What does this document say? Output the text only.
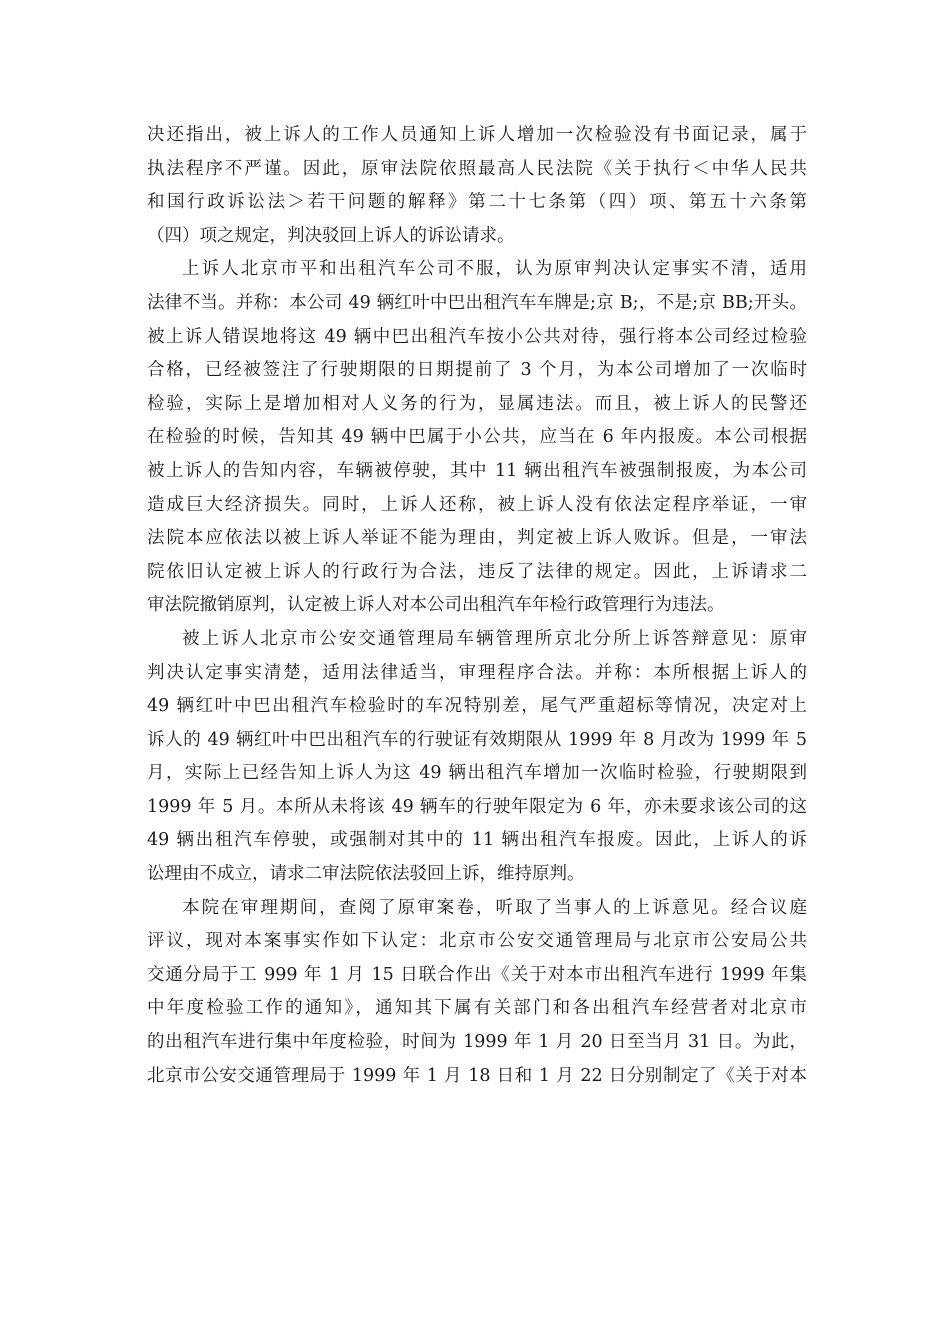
决还指出，被上诉人的工作人员通知上诉人增加一次检验没有书面记录，属于
执法程序不严谨。因此，原审法院依照最高人民法院《关于执行＜中华人民共
和国行政诉讼法＞若干问题的解释》第二十七条第（四）项、第五十六条第
（四）项之规定，判决驳回上诉人的诉讼请求。
上诉人北京市平和出租汽车公司不服，认为原审判决认定事实不清，适用
法律不当。并称：本公司 49 辆红叶中巴出租汽车车牌是;京 B;，不是;京 BB;开头。
被上诉人错误地将这 49 辆中巴出租汽车按小公共对待，强行将本公司经过检验
合格，已经被签注了行驶期限的日期提前了 3 个月，为本公司增加了一次临时
检验，实际上是增加相对人义务的行为，显属违法。而且，被上诉人的民警还
在检验的时候，告知其 49 辆中巴属于小公共，应当在 6 年内报废。本公司根据
被上诉人的告知内容，车辆被停驶，其中 11 辆出租汽车被强制报废，为本公司
造成巨大经济损失。同时，上诉人还称，被上诉人没有依法定程序举证，一审
法院本应依法以被上诉人举证不能为理由，判定被上诉人败诉。但是，一审法
院依旧认定被上诉人的行政行为合法，违反了法律的规定。因此，上诉请求二
审法院撤销原判，认定被上诉人对本公司出租汽车年检行政管理行为违法。
被上诉人北京市公安交通管理局车辆管理所京北分所上诉答辩意见：原审
判决认定事实清楚，适用法律适当，审理程序合法。并称：本所根据上诉人的
49 辆红叶中巴出租汽车检验时的车况特别差，尾气严重超标等情况，决定对上
诉人的 49 辆红叶中巴出租汽车的行驶证有效期限从 1999 年 8 月改为 1999 年 5
月，实际上已经告知上诉人为这 49 辆出租汽车增加一次临时检验，行驶期限到
1999 年 5 月。本所从未将该 49 辆车的行驶年限定为 6 年，亦未要求该公司的这
49 辆出租汽车停驶，或强制对其中的 11 辆出租汽车报废。因此，上诉人的诉
讼理由不成立，请求二审法院依法驳回上诉，维持原判。
本院在审理期间，查阅了原审案卷，听取了当事人的上诉意见。经合议庭
评议，现对本案事实作如下认定：北京市公安交通管理局与北京市公安局公共
交通分局于工 999 年 1 月 15 日联合作出《关于对本市出租汽车进行 1999 年集
中年度检验工作的通知》，通知其下属有关部门和各出租汽车经营者对北京市
的出租汽车进行集中年度检验，时间为 1999 年 1 月 20 日至当月 31 日。为此，
北京市公安交通管理局于 1999 年 1 月 18 日和 1 月 22 日分别制定了《关于对本
